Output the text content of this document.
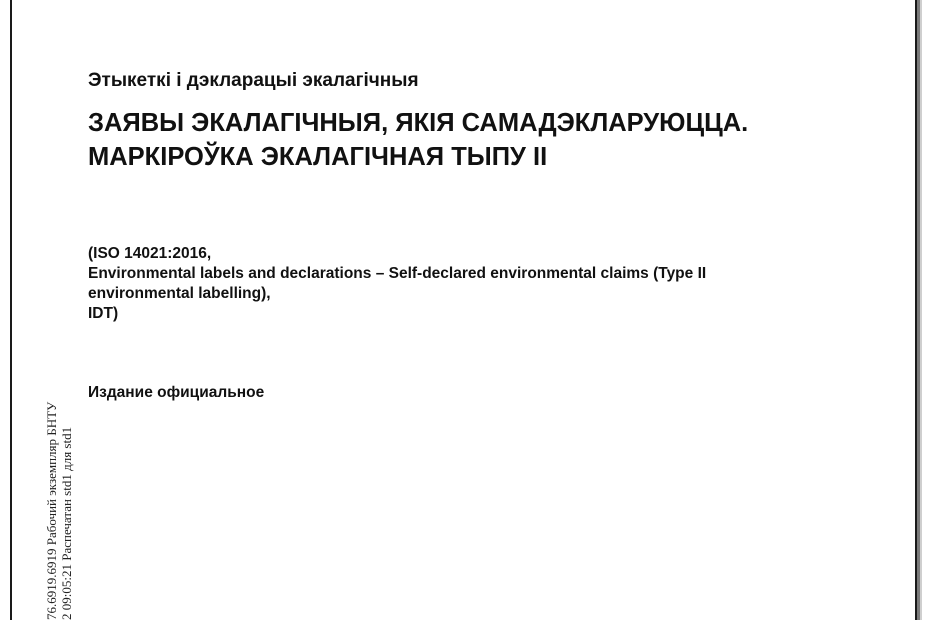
Этыкеткі і дэкларацыі экалагічныя
ЗАЯВЫ ЭКАЛАГІЧНЫЯ, ЯКІЯ САМАДЭКЛАРУЮЦЦА.
МАРКІРОЎКА ЭКАЛАГІЧНАЯ ТЫПУ ІІ
(ISO 14021:2016,
Environmental labels and declarations – Self-declared environmental claims (Type II
environmental labelling),
IDT)
Издание официальное
76.6919.6919 Рабочий экземпляр БНТУ 2 09:05:21 Распечатан std1 для std1
